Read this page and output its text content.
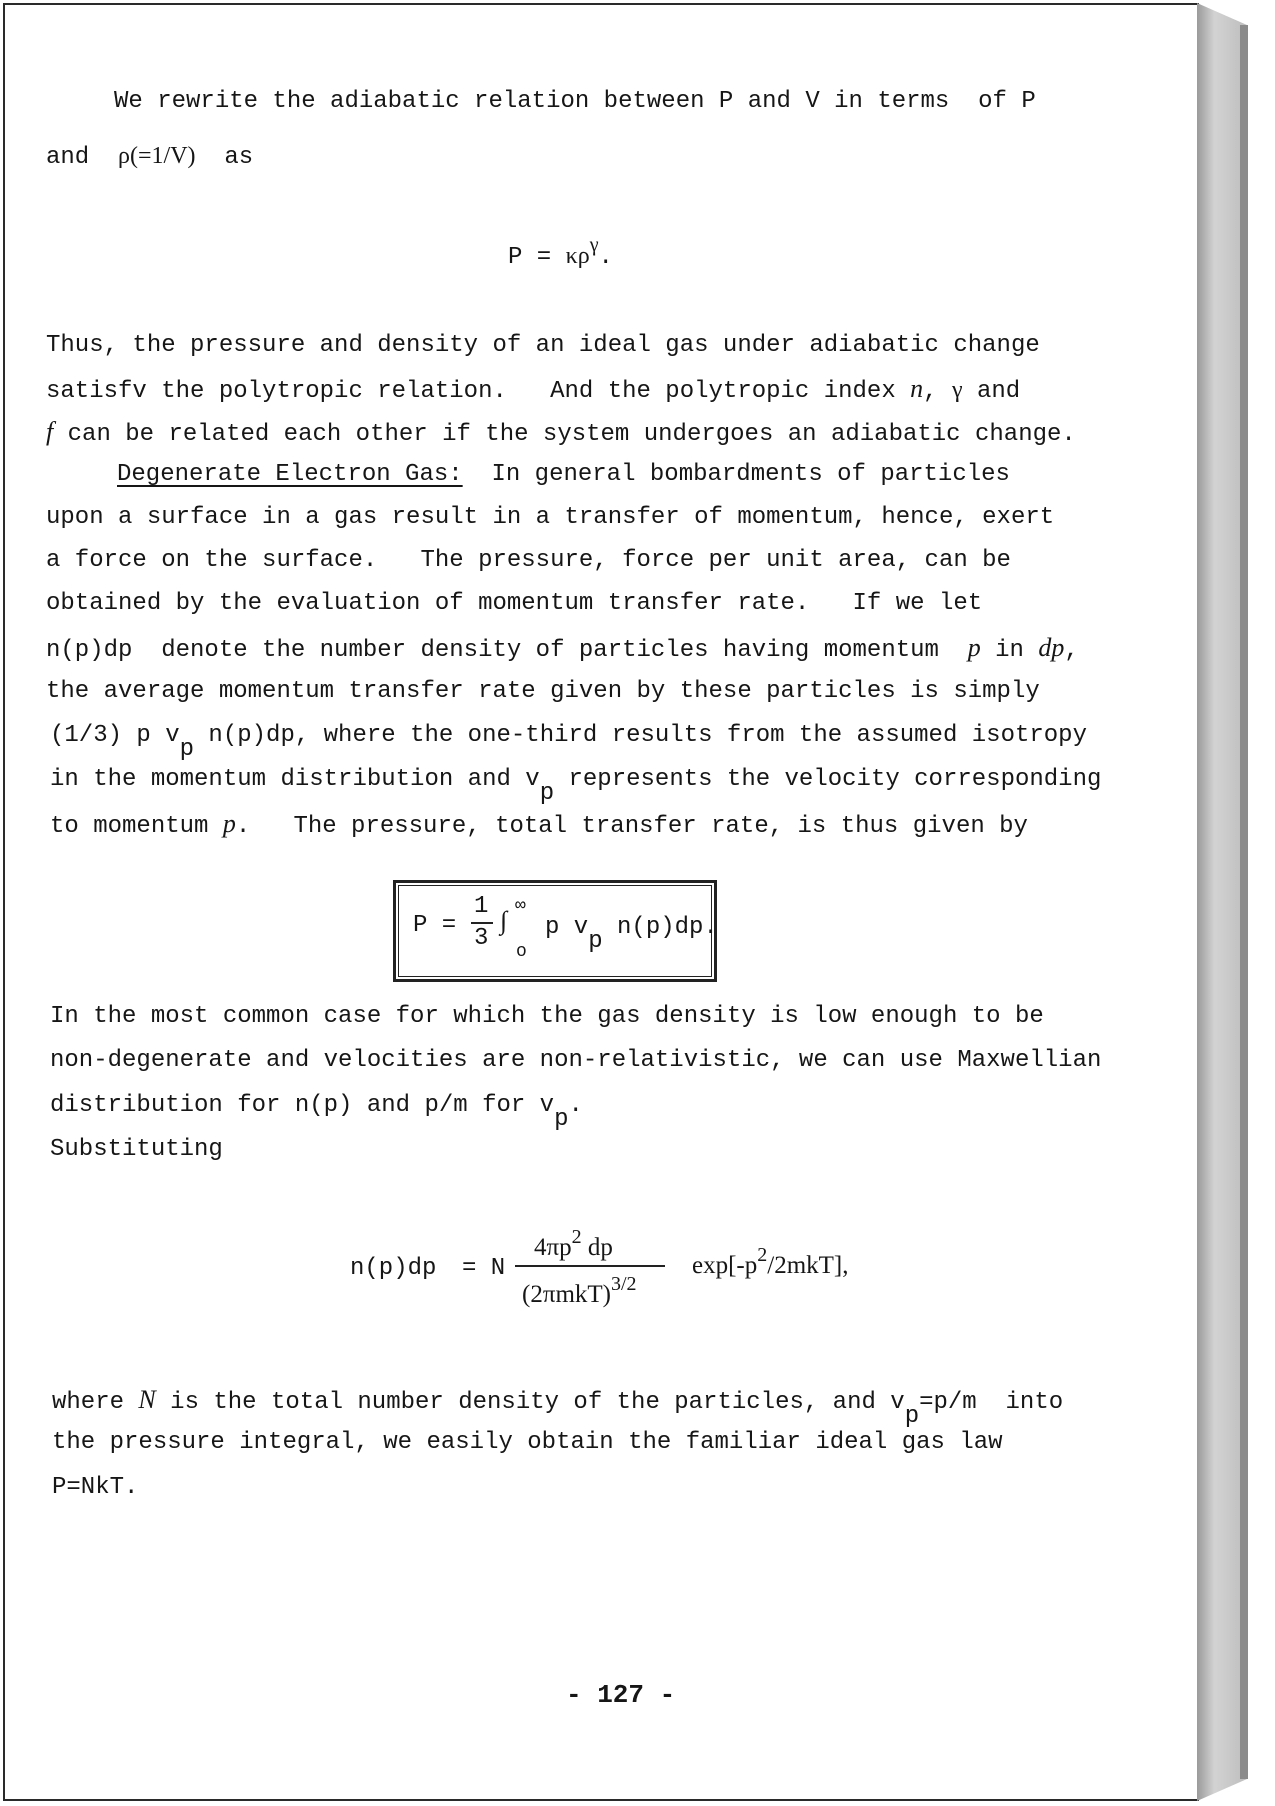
We rewrite the adiabatic relation between P and V in terms  of P
and  ρ(=1/V)  as
$P = \kappa\rho^\gamma$.
Thus, the pressure and density of an ideal gas under adiabatic change
satisfv the polytropic relation.   And the polytropic index n, γ and
f can be related each other if the system undergoes an adiabatic change.
Degenerate Electron Gas:  In general bombardments of particles
upon a surface in a gas result in a transfer of momentum, hence, exert
a force on the surface.   The pressure, force per unit area, can be
obtained by the evaluation of momentum transfer rate.   If we let
n(p)dp  denote the number density of particles having momentum  p in dp,
the average momentum transfer rate given by these particles is simply
(1/3) p vp n(p)dp, where the one-third results from the assumed isotropy
in the momentum distribution and vp represents the velocity corresponding
to momentum p.   The pressure, total transfer rate, is thus given by
P =
1
3
∫ ∞
o
p vp n(p)dp.
In the most common case for which the gas density is low enough to be
non-degenerate and velocities are non-relativistic, we can use Maxwellian
distribution for n(p) and p/m for vp.
Substituting
n(p)dp = N
$4\pi p^2$ dp
$(2\pi mkT)^{3/2}$
$\exp[-p^2/2mkT]$,
where N is the total number density of the particles, and vp=p/m  into
the pressure integral, we easily obtain the familiar ideal gas law
P=NkT.
- 127 -
